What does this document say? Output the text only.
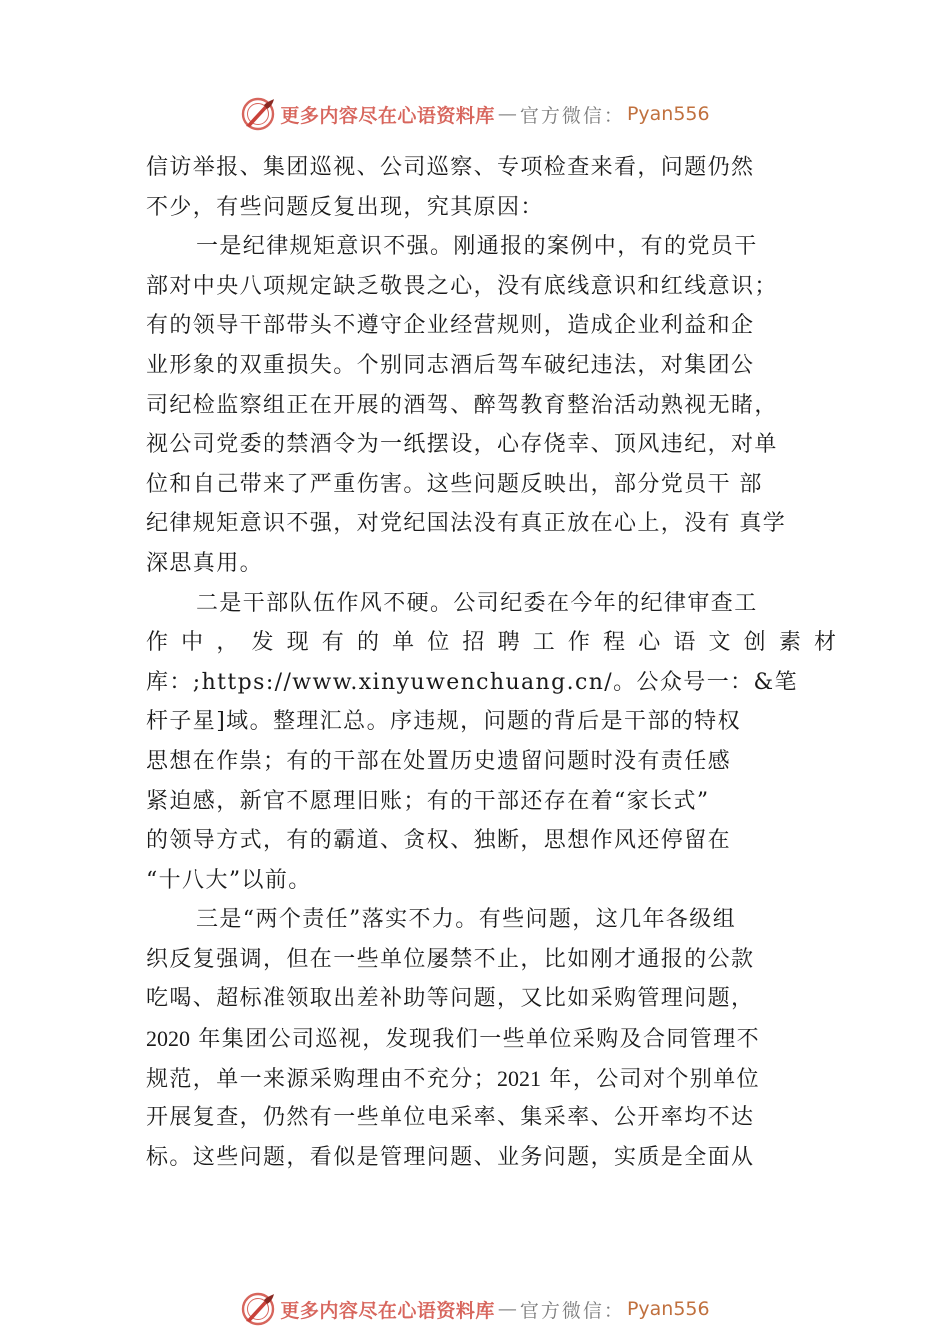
更多内容尽在心语资料库 — 官方微信： Pyan556
信访举报、集团巡视、公司巡察、专项检查来看，问题仍然
不少，有些问题反复出现，究其原因：
一是纪律规矩意识不强。刚通报的案例中，有的党员干
部对中央八项规定缺乏敬畏之心，没有底线意识和红线意识；
有的领导干部带头不遵守企业经营规则，造成企业利益和企
业形象的双重损失。个别同志酒后驾车破纪违法，对集团公
司纪检监察组正在开展的酒驾、醉驾教育整治活动熟视无睹，
视公司党委的禁酒令为一纸摆设，心存侥幸、顶风违纪，对单
位和自己带来了严重伤害。这些问题反映出，部分党员干 部
纪律规矩意识不强，对党纪国法没有真正放在心上，没有 真学
深思真用。
二是干部队伍作风不硬。公司纪委在今年的纪律审查工
作中，发现有的单位招聘工作程心语文创素材
库：;https://www.xinyuwenchuang.cn/。公众号一：&笔
杆子星]域。整理汇总。序违规，问题的背后是干部的特权
思想在作祟；有的干部在处置历史遗留问题时没有责任感
紧迫感，新官不愿理旧账；有的干部还存在着“家长式”
的领导方式，有的霸道、贪权、独断，思想作风还停留在
“十八大”以前。
三是“两个责任”落实不力。有些问题，这几年各级组
织反复强调，但在一些单位屡禁不止，比如刚才通报的公款
吃喝、超标准领取出差补助等问题，又比如采购管理问题，
2020 年集团公司巡视，发现我们一些单位采购及合同管理不
规范，单一来源采购理由不充分；2021 年，公司对个别单位
开展复查，仍然有一些单位电采率、集采率、公开率均不达
标。这些问题，看似是管理问题、业务问题，实质是全面从
更多内容尽在心语资料库 — 官方微信： Pyan556
